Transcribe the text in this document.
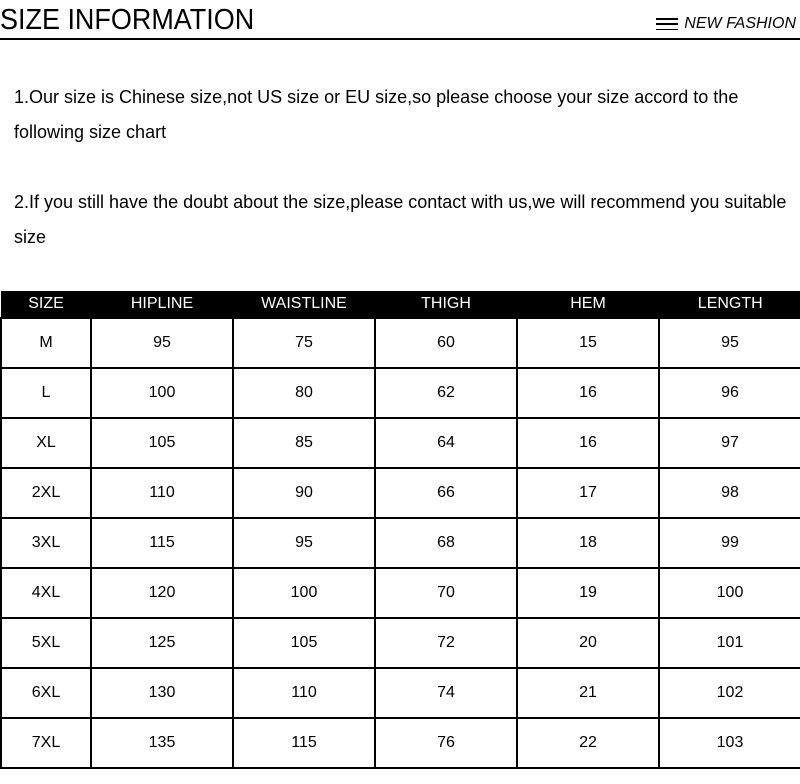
SIZE INFORMATION	NEW FASHION

1.Our size is Chinese size,not US size or EU size,so please choose your size accord to the following size chart

2.If you still have the doubt about the size,please contact with us,we will recommend you suitable size

SIZE	HIPLINE	WAISTLINE	THIGH	HEM	LENGTH
M	95	75	60	15	95
L	100	80	62	16	96
XL	105	85	64	16	97
2XL	110	90	66	17	98
3XL	115	95	68	18	99
4XL	120	100	70	19	100
5XL	125	105	72	20	101
6XL	130	110	74	21	102
7XL	135	115	76	22	103
